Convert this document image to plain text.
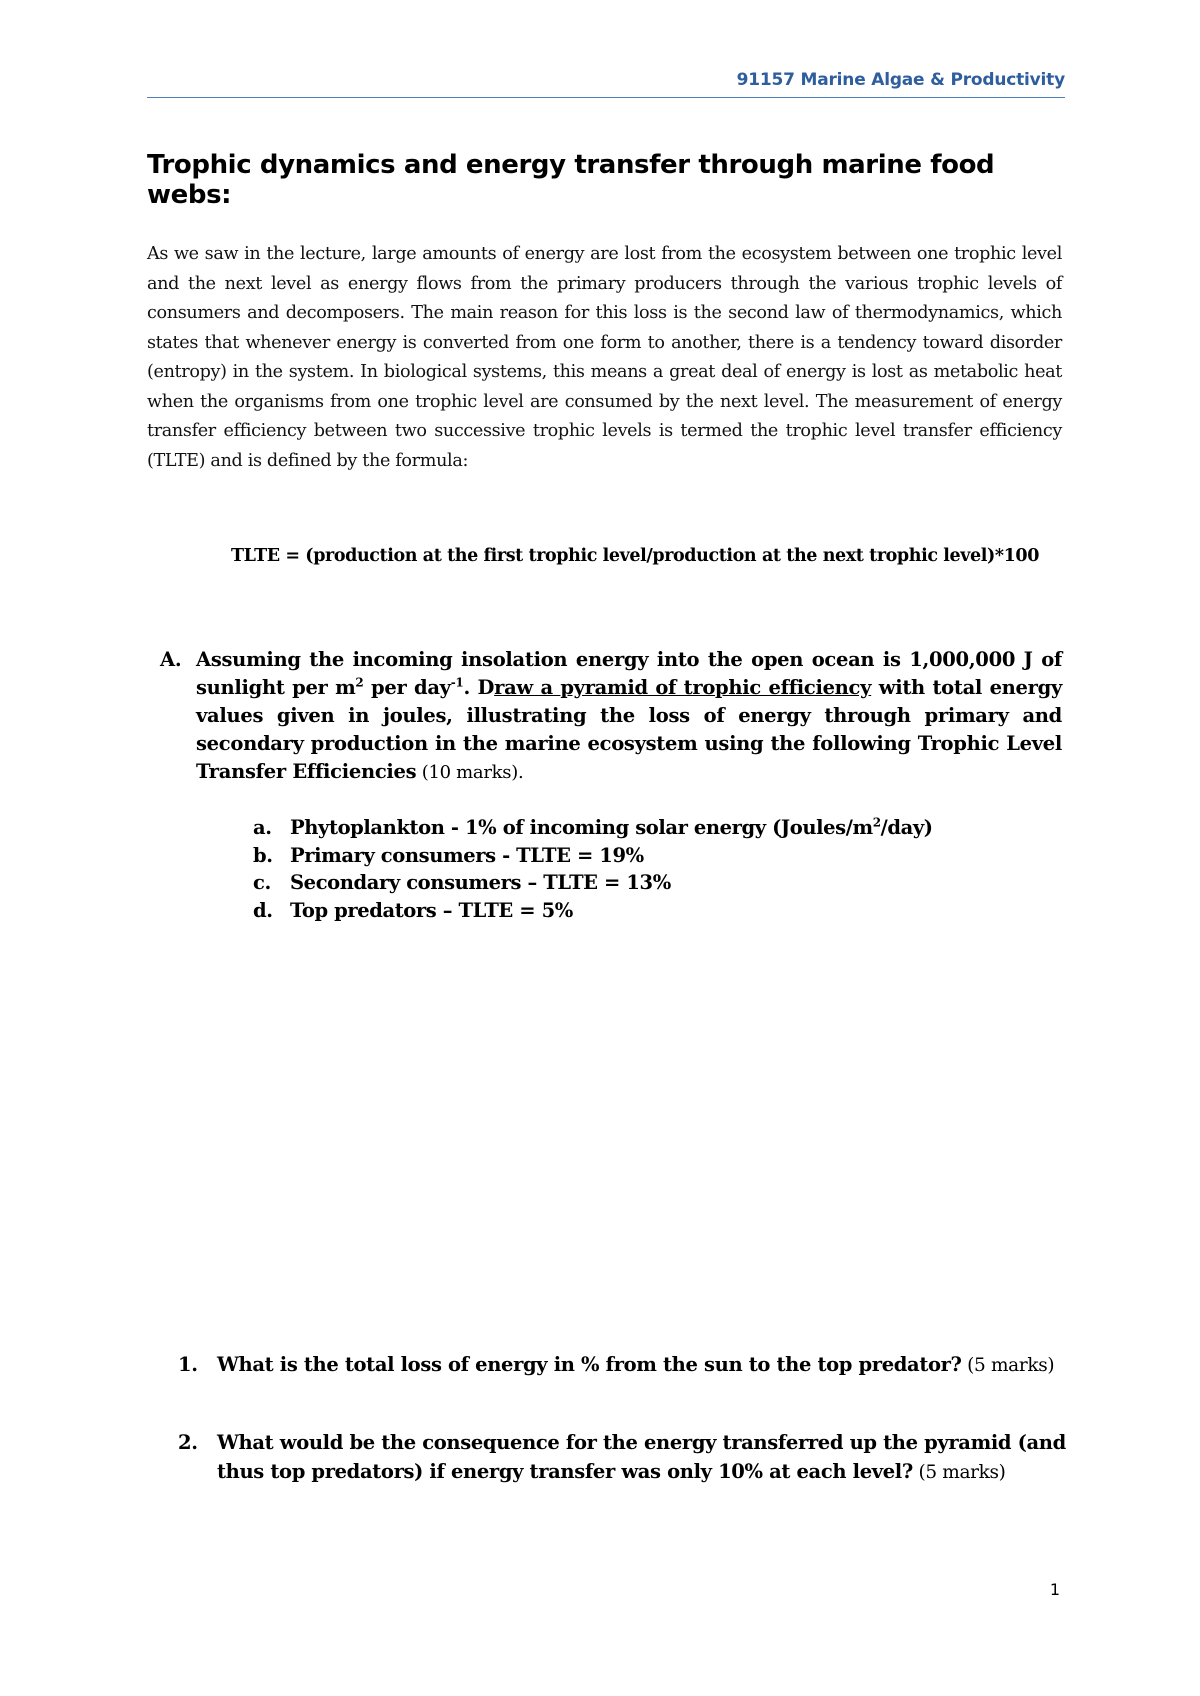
91157 Marine Algae & Productivity
Trophic dynamics and energy transfer through marine food webs:

As we saw in the lecture, large amounts of energy are lost from the ecosystem between one trophic level and the next level as energy flows from the primary producers through the various trophic levels of consumers and decomposers. The main reason for this loss is the second law of thermodynamics, which states that whenever energy is converted from one form to another, there is a tendency toward disorder (entropy) in the system. In biological systems, this means a great deal of energy is lost as metabolic heat when the organisms from one trophic level are consumed by the next level. The measurement of energy transfer efficiency between two successive trophic levels is termed the trophic level transfer efficiency (TLTE) and is defined by the formula:

TLTE = (production at the first trophic level/production at the next trophic level)*100

A. Assuming the incoming insolation energy into the open ocean is 1,000,000 J of sunlight per $m^2$ per day$^{-1}$. Draw a pyramid of trophic efficiency with total energy values given in joules, illustrating the loss of energy through primary and secondary production in the marine ecosystem using the following Trophic Level Transfer Efficiencies (10 marks).
a. Phytoplankton - 1% of incoming solar energy $(Joules/m^2/day)$
b. Primary consumers - TLTE = 19%
c. Secondary consumers – TLTE = 13%
d. Top predators – TLTE = 5%
1. What is the total loss of energy in % from the sun to the top predator? (5 marks)
2. What would be the consequence for the energy transferred up the pyramid (and thus top predators) if energy transfer was only 10% at each level? (5 marks)
1
